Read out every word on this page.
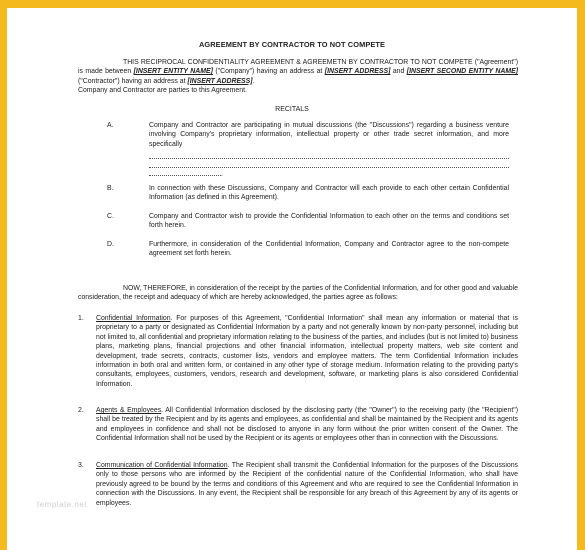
AGREEMENT BY CONTRACTOR TO NOT COMPETE
THIS RECIPROCAL CONFIDENTIALITY AGREEMENT & AGREEMETN BY CONTRACTOR TO NOT COMPETE ("Agreement") is made between [INSERT ENTITY NAME] ("Company") having an address at [INSERT ADDRESS] and [INSERT SECOND ENTITY NAME] ("Contractor") having an address at [INSERT ADDRESS].
Company and Contractor are parties to this Agreement.
RECITALS
A.	Company and Contractor are participating in mutual discussions (the "Discussions") regarding a business venture involving Company's proprietary information, intellectual property or other trade secret information, and more specifically
.
B.	In connection with these Discussions, Company and Contractor will each provide to each other certain Confidential Information (as defined in this Agreement).
C.	Company and Contractor wish to provide the Confidential Information to each other on the terms and conditions set forth herein.
D.	Furthermore, in consideration of the Confidential Information, Company and Contractor agree to the non-compete agreement set forth herein.
NOW, THEREFORE, in consideration of the receipt by the parties of the Confidential Information, and for other good and valuable consideration, the receipt and adequacy of which are hereby acknowledged, the parties agree as follows:
1. Confidential Information. For purposes of this Agreement, "Confidential Information" shall mean any information or material that is proprietary to a party or designated as Confidential Information by a party and not generally known by non-party personnel, including but not limited to, all confidential and proprietary information relating to the business of the parties, and includes (but is not limited to) business plans, marketing plans, financial projections and other financial information, intellectual property matters, web site content and development, trade secrets, contracts, customer lists, vendors and employee matters. The term Confidential Information includes information in both oral and written form, or contained in any other type of storage medium. Information relating to the providing party's consultants, employees, customers, vendors, research and development, software, or marketing plans is also considered Confidential Information.
2. Agents & Employees. All Confidential Information disclosed by the disclosing party (the "Owner") to the receiving party (the "Recipient") shall be treated by the Recipient and by its agents and employees, as confidential and shall be maintained by the Recipient and its agents and employees in confidence and shall not be disclosed to anyone in any form without the prior written consent of the Owner. The Confidential Information shall not be used by the Recipient or its agents or employees other than in connection with the Discussions.
3. Communication of Confidential Information. The Recipient shall transmit the Confidential Information for the purposes of the Discussions only to those persons who are informed by the Recipient of the confidential nature of the Confidential Information, who shall have previously agreed to be bound by the terms and conditions of this Agreement and who are required to see the Confidential Information in connection with the Discussions. In any event, the Recipient shall be responsible for any breach of this Agreement by any of its agents or employees.
template.net
